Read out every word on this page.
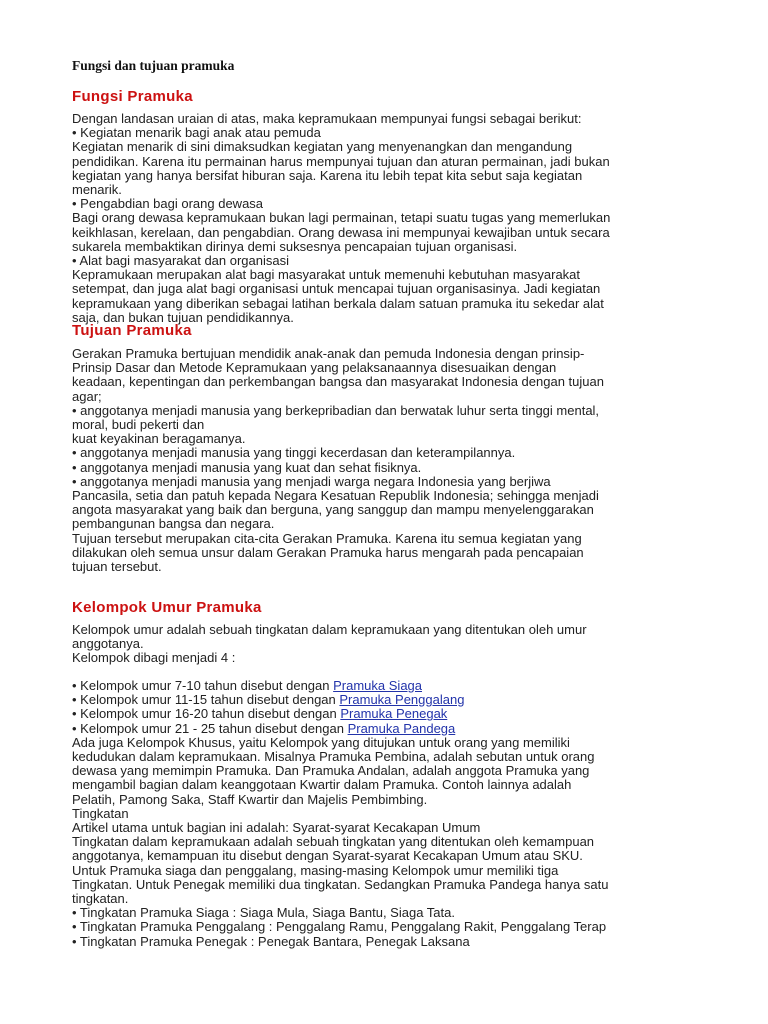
Fungsi dan tujuan pramuka
Fungsi Pramuka
Dengan landasan uraian di atas, maka kepramukaan mempunyai fungsi sebagai berikut:
• Kegiatan menarik bagi anak atau pemuda
Kegiatan menarik di sini dimaksudkan kegiatan yang menyenangkan dan mengandung
pendidikan. Karena itu permainan harus mempunyai tujuan dan aturan permainan, jadi bukan
kegiatan yang hanya bersifat hiburan saja. Karena itu lebih tepat kita sebut saja kegiatan
menarik.
• Pengabdian bagi orang dewasa
Bagi orang dewasa kepramukaan bukan lagi permainan, tetapi suatu tugas yang memerlukan
keikhlasan, kerelaan, dan pengabdian. Orang dewasa ini mempunyai kewajiban untuk secara
sukarela membaktikan dirinya demi suksesnya pencapaian tujuan organisasi.
• Alat bagi masyarakat dan organisasi
Kepramukaan merupakan alat bagi masyarakat untuk memenuhi kebutuhan masyarakat
setempat, dan juga alat bagi organisasi untuk mencapai tujuan organisasinya. Jadi kegiatan
kepramukaan yang diberikan sebagai latihan berkala dalam satuan pramuka itu sekedar alat
saja, dan bukan tujuan pendidikannya.
Tujuan Pramuka
Gerakan Pramuka bertujuan mendidik anak-anak dan pemuda Indonesia dengan prinsip-
Prinsip Dasar dan Metode Kepramukaan yang pelaksanaannya disesuaikan dengan
keadaan, kepentingan dan perkembangan bangsa dan masyarakat Indonesia dengan tujuan
agar;
• anggotanya menjadi manusia yang berkepribadian dan berwatak luhur serta tinggi mental,
moral, budi pekerti dan
kuat keyakinan beragamanya.
• anggotanya menjadi manusia yang tinggi kecerdasan dan keterampilannya.
• anggotanya menjadi manusia yang kuat dan sehat fisiknya.
• anggotanya menjadi manusia yang menjadi warga negara Indonesia yang berjiwa
Pancasila, setia dan patuh kepada Negara Kesatuan Republik Indonesia; sehingga menjadi
angota masyarakat yang baik dan berguna, yang sanggup dan mampu menyelenggarakan
pembangunan bangsa dan negara.
Tujuan tersebut merupakan cita-cita Gerakan Pramuka. Karena itu semua kegiatan yang
dilakukan oleh semua unsur dalam Gerakan Pramuka harus mengarah pada pencapaian
tujuan tersebut.
Kelompok Umur Pramuka
Kelompok umur adalah sebuah tingkatan dalam kepramukaan yang ditentukan oleh umur
anggotanya.
Kelompok dibagi menjadi 4 :
• Kelompok umur 7-10 tahun disebut dengan Pramuka Siaga
• Kelompok umur 11-15 tahun disebut dengan Pramuka Penggalang
• Kelompok umur 16-20 tahun disebut dengan Pramuka Penegak
• Kelompok umur 21 - 25 tahun disebut dengan Pramuka Pandega
Ada juga Kelompok Khusus, yaitu Kelompok yang ditujukan untuk orang yang memiliki
kedudukan dalam kepramukaan. Misalnya Pramuka Pembina, adalah sebutan untuk orang
dewasa yang memimpin Pramuka. Dan Pramuka Andalan, adalah anggota Pramuka yang
mengambil bagian dalam keanggotaan Kwartir dalam Pramuka. Contoh lainnya adalah
Pelatih, Pamong Saka, Staff Kwartir dan Majelis Pembimbing.
Tingkatan
Artikel utama untuk bagian ini adalah: Syarat-syarat Kecakapan Umum
Tingkatan dalam kepramukaan adalah sebuah tingkatan yang ditentukan oleh kemampuan
anggotanya, kemampuan itu disebut dengan Syarat-syarat Kecakapan Umum atau SKU.
Untuk Pramuka siaga dan penggalang, masing-masing Kelompok umur memiliki tiga
Tingkatan. Untuk Penegak memiliki dua tingkatan. Sedangkan Pramuka Pandega hanya satu
tingkatan.
• Tingkatan Pramuka Siaga : Siaga Mula, Siaga Bantu, Siaga Tata.
• Tingkatan Pramuka Penggalang : Penggalang Ramu, Penggalang Rakit, Penggalang Terap
• Tingkatan Pramuka Penegak : Penegak Bantara, Penegak Laksana
